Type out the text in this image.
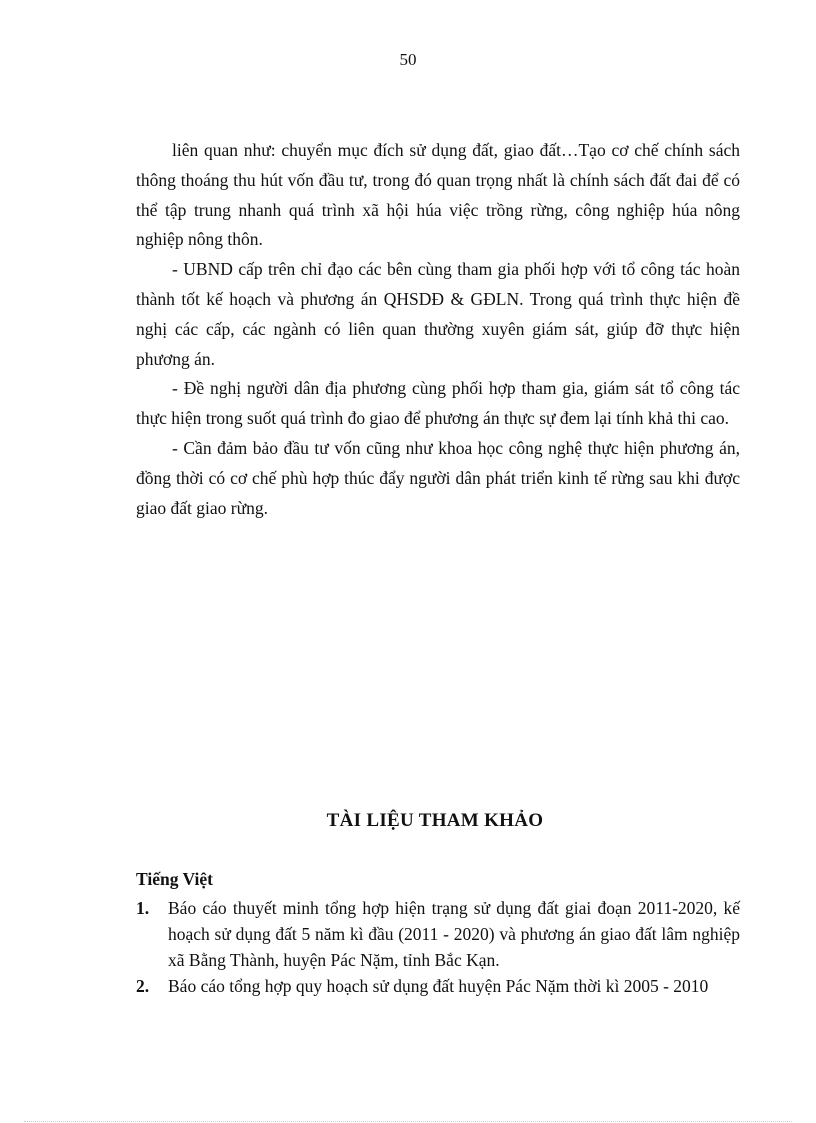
50

liên quan như: chuyển mục đích sử dụng đất, giao đất…Tạo cơ chế chính sách thông thoáng thu hút vốn đầu tư, trong đó quan trọng nhất là chính sách đất đai để có thể tập trung nhanh quá trình xã hội húa việc trồng rừng, công nghiệp húa nông nghiệp nông thôn.

- UBND cấp trên chỉ đạo các bên cùng tham gia phối hợp với tổ công tác hoàn thành tốt kế hoạch và phương án QHSDĐ & GĐLN. Trong quá trình thực hiện đề nghị các cấp, các ngành có liên quan thường xuyên giám sát, giúp đỡ thực hiện phương án.

- Đề nghị người dân địa phương cùng phối hợp tham gia, giám sát tổ công tác thực hiện trong suốt quá trình đo giao để phương án thực sự đem lại tính khả thi cao.

- Cần đảm bảo đầu tư vốn cũng như khoa học công nghệ thực hiện phương án, đồng thời có cơ chế phù hợp thúc đẩy người dân phát triển kinh tế rừng sau khi được giao đất giao rừng.

TÀI LIỆU THAM KHẢO
Tiếng Việt
1. Báo cáo thuyết minh tổng hợp hiện trạng sử dụng đất giai đoạn 2011-2020, kế hoạch sử dụng đất 5 năm kì đầu (2011 - 2020) và phương án giao đất lâm nghiệp xã Bằng Thành, huyện Pác Nặm, tỉnh Bắc Kạn.
2. Báo cáo tổng hợp quy hoạch sử dụng đất huyện Pác Nặm thời kì 2005 - 2010
